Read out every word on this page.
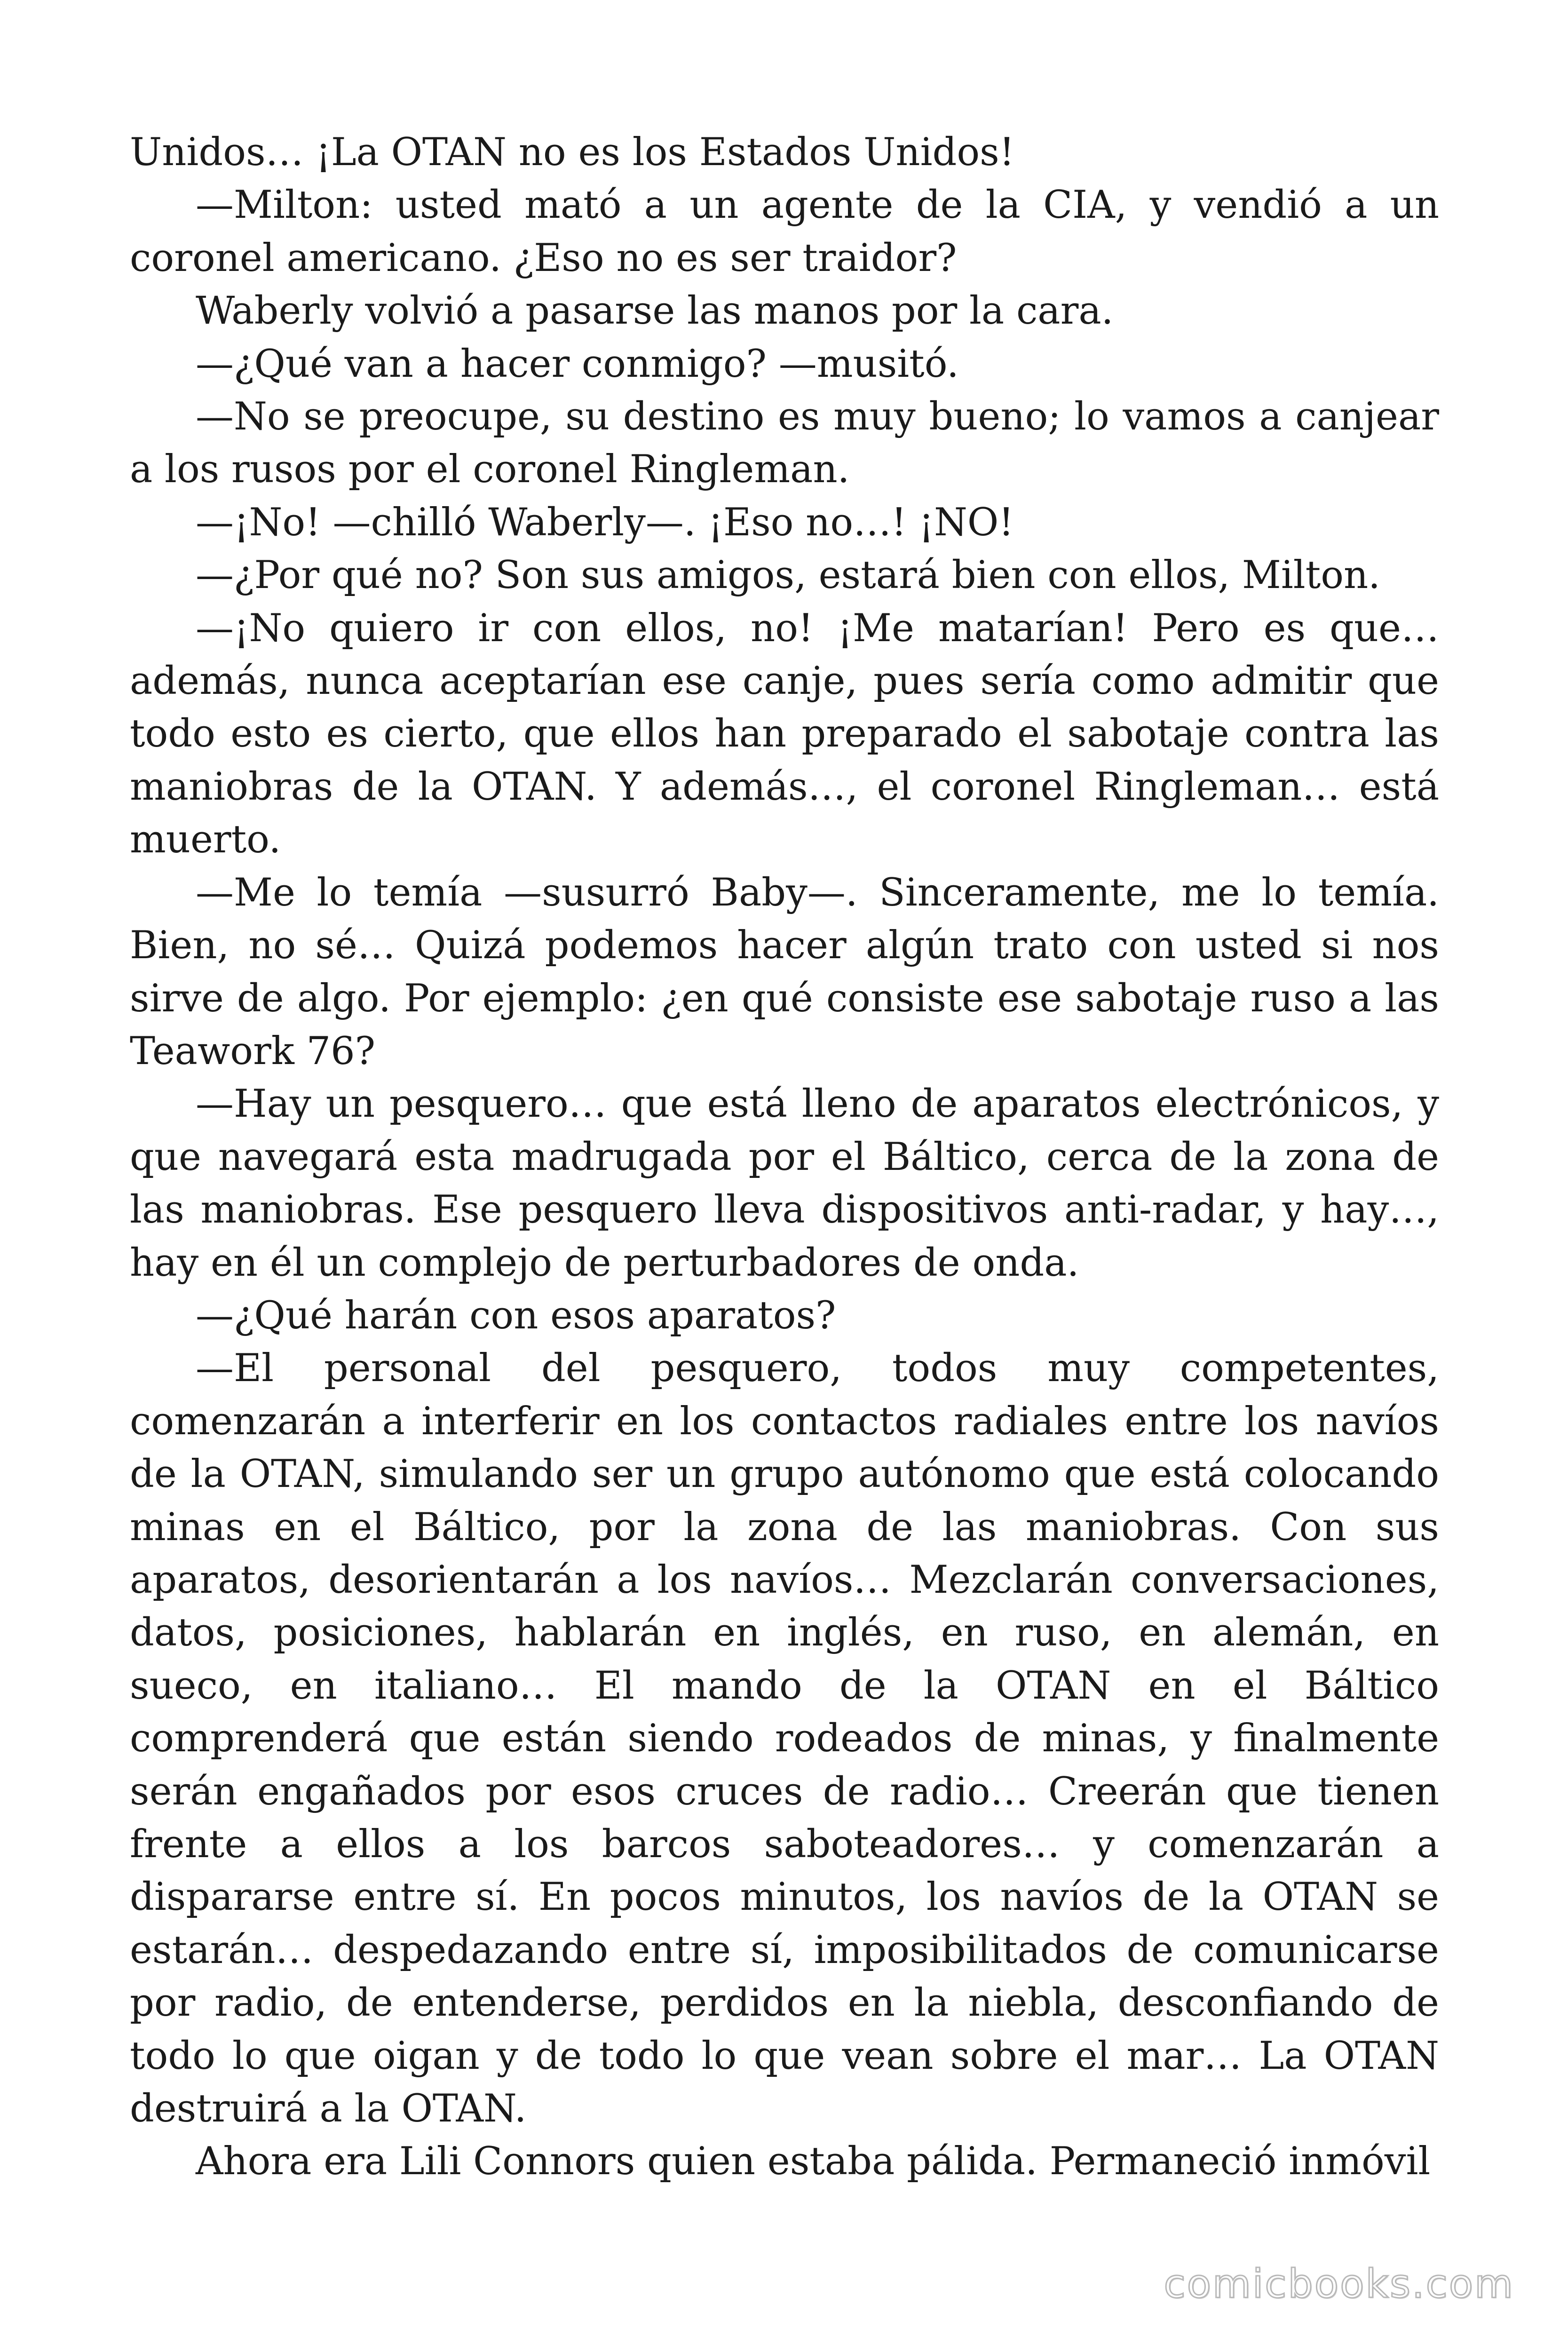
Unidos… ¡La OTAN no es los Estados Unidos!

—Milton: usted mató a un agente de la CIA, y vendió a un coronel americano. ¿Eso no es ser traidor?

Waberly volvió a pasarse las manos por la cara.

—¿Qué van a hacer conmigo? —musitó.

—No se preocupe, su destino es muy bueno; lo vamos a canjear a los rusos por el coronel Ringleman.

—¡No! —chilló Waberly—. ¡Eso no…! ¡NO!

—¿Por qué no? Son sus amigos, estará bien con ellos, Milton.

—¡No quiero ir con ellos, no! ¡Me matarían! Pero es que… además, nunca aceptarían ese canje, pues sería como admitir que todo esto es cierto, que ellos han preparado el sabotaje contra las maniobras de la OTAN. Y además…, el coronel Ringleman… está muerto.

—Me lo temía —susurró Baby—. Sinceramente, me lo temía. Bien, no sé… Quizá podemos hacer algún trato con usted si nos sirve de algo. Por ejemplo: ¿en qué consiste ese sabotaje ruso a las Teawork 76?

—Hay un pesquero… que está lleno de aparatos electrónicos, y que navegará esta madrugada por el Báltico, cerca de la zona de las maniobras. Ese pesquero lleva dispositivos anti-radar, y hay…, hay en él un complejo de perturbadores de onda.

—¿Qué harán con esos aparatos?

—El personal del pesquero, todos muy competentes, comenzarán a interferir en los contactos radiales entre los navíos de la OTAN, simulando ser un grupo autónomo que está colocando minas en el Báltico, por la zona de las maniobras. Con sus aparatos, desorientarán a los navíos… Mezclarán conversaciones, datos, posiciones, hablarán en inglés, en ruso, en alemán, en sueco, en italiano… El mando de la OTAN en el Báltico comprenderá que están siendo rodeados de minas, y finalmente serán engañados por esos cruces de radio… Creerán que tienen frente a ellos a los barcos saboteadores… y comenzarán a dispararse entre sí. En pocos minutos, los navíos de la OTAN se estarán… despedazando entre sí, imposibilitados de comunicarse por radio, de entenderse, perdidos en la niebla, desconfiando de todo lo que oigan y de todo lo que vean sobre el mar… La OTAN destruirá a la OTAN.

Ahora era Lili Connors quien estaba pálida. Permaneció inmóvil

comicbooks.com
